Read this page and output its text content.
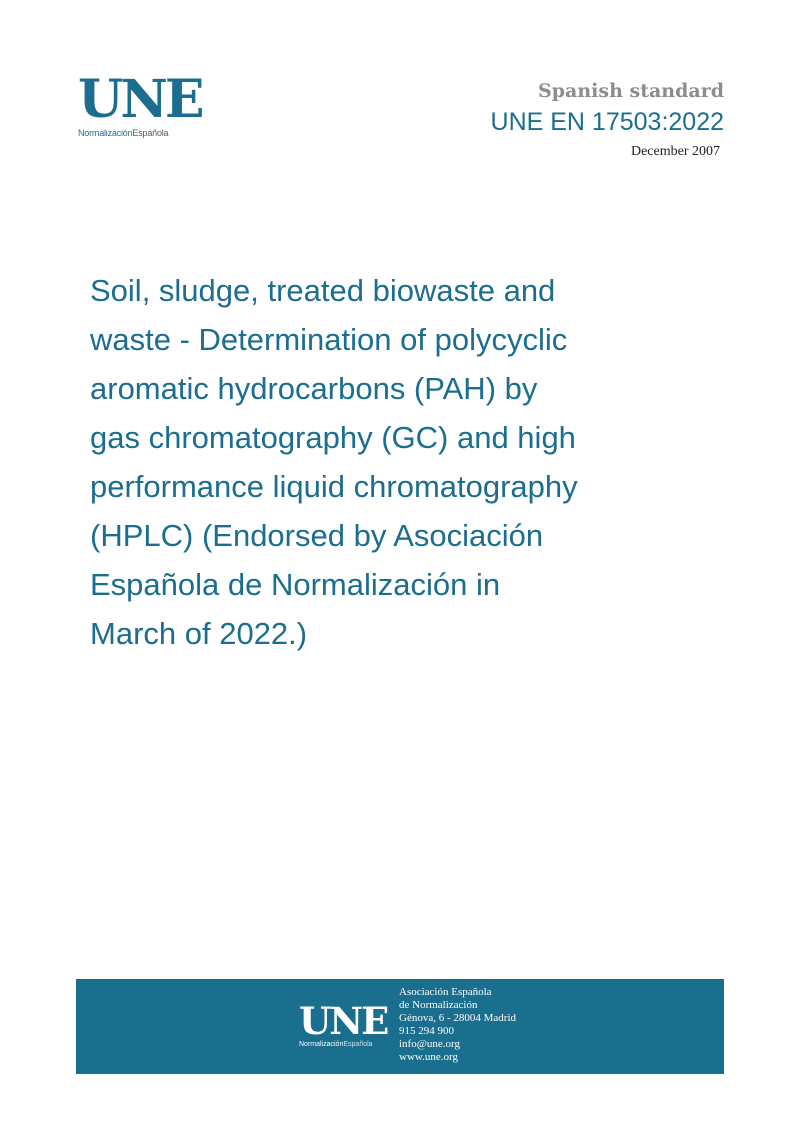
UNE
NormalizaciónEspañola
Spanish standard
UNE EN 17503:2022
December 2007
Soil, sludge, treated biowaste and
waste - Determination of polycyclic
aromatic hydrocarbons (PAH) by
gas chromatography (GC) and high
performance liquid chromatography
(HPLC) (Endorsed by Asociación
Española de Normalización in
March of 2022.)
UNE
NormalizaciónEspañola
Asociación Española
de Normalización
Génova, 6 - 28004 Madrid
915 294 900
info@une.org
www.une.org
